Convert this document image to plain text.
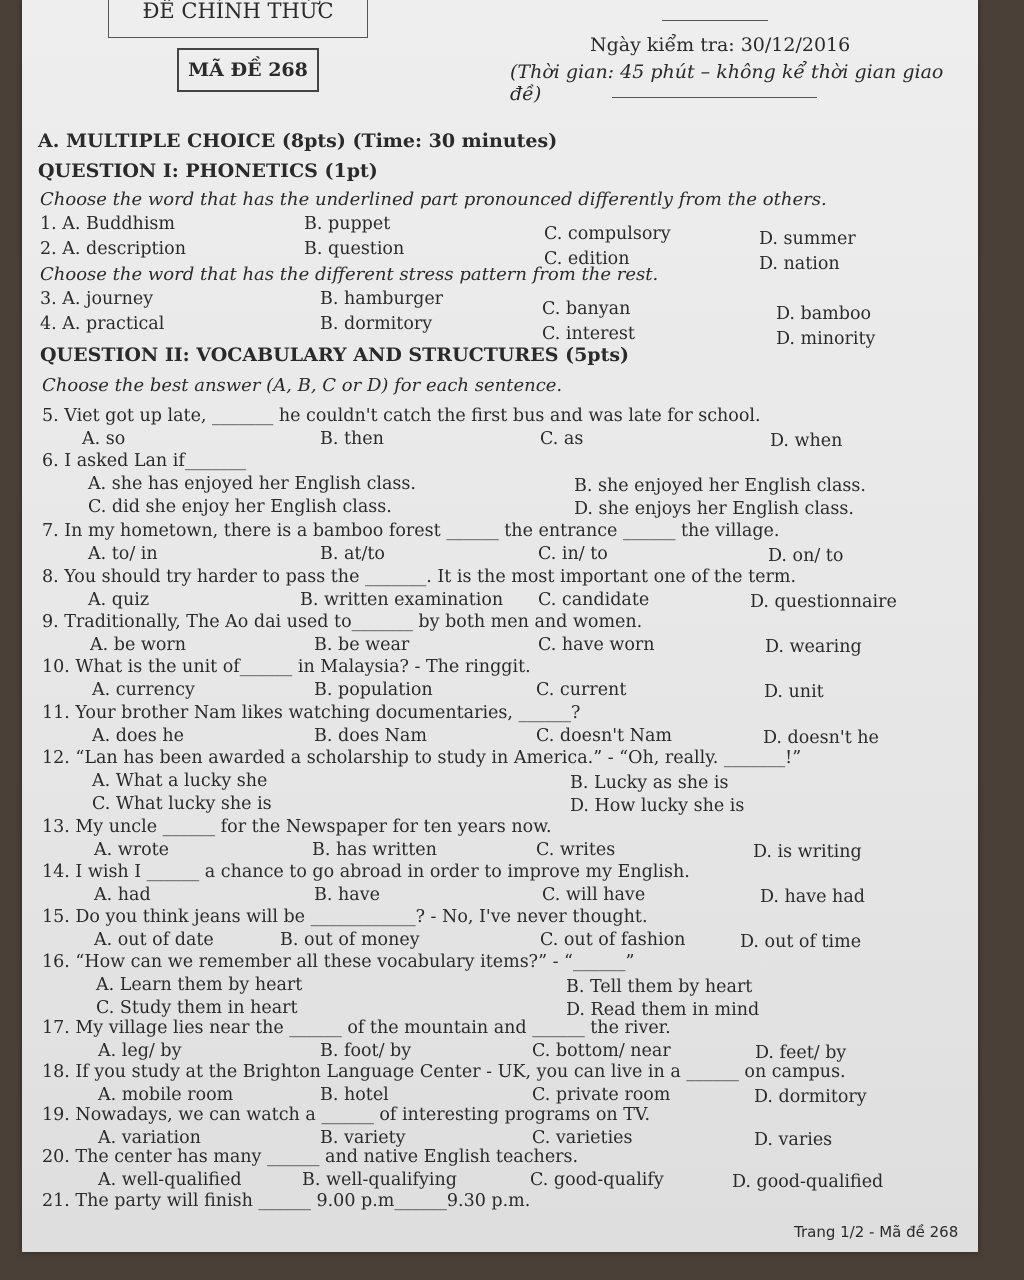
ĐỀ CHÍNH THỨC
MÃ ĐỀ 268
Ngày kiểm tra: 30/12/2016
(Thời gian: 45 phút – không kể thời gian giao đề)
A. MULTIPLE CHOICE (8pts) (Time: 30 minutes)
QUESTION I: PHONETICS (1pt)
Choose the word that has the underlined part pronounced differently from the others.
Choose the word that has the different stress pattern from the rest.
QUESTION II: VOCABULARY AND STRUCTURES (5pts)
Choose the best answer (A, B, C or D) for each sentence.
1. A. Buddhism	B. puppet	C. compulsory	D. summer
2. A. description	B. question	C. edition	D. nation
3. A. journey	B. hamburger	C. banyan	D. bamboo
4. A. practical	B. dormitory	C. interest	D. minority
5. Viet got up late, _______ he couldn't catch the first bus and was late for school.
A. so	B. then	C. as	D. when
6. I asked Lan if_______
A. she has enjoyed her English class.	B. she enjoyed her English class.
C. did she enjoy her English class.	D. she enjoys her English class.
7. In my hometown, there is a bamboo forest ______ the entrance ______ the village.
A. to/ in	B. at/to	C. in/ to	D. on/ to
8. You should try harder to pass the _______. It is the most important one of the term.
A. quiz	B. written examination C. candidate	D. questionnaire
9. Traditionally, The Ao dai used to_______ by both men and women.
A. be worn	B. be wear	C. have worn	D. wearing
10. What is the unit of______ in Malaysia? - The ringgit.
A. currency	B. population	C. current	D. unit
11. Your brother Nam likes watching documentaries, ______?
A. does he	B. does Nam	C. doesn't Nam	D. doesn't he
12. “Lan has been awarded a scholarship to study in America.” - “Oh, really. _______!”
A. What a lucky she	B. Lucky as she is
C. What lucky she is	D. How lucky she is
13. My uncle ______ for the Newspaper for ten years now.
A. wrote	B. has written	C. writes	D. is writing
14. I wish I ______ a chance to go abroad in order to improve my English.
A. had	B. have	C. will have	D. have had
15. Do you think jeans will be ____________? - No, I've never thought.
A. out of date	B. out of money	C. out of fashion	D. out of time
16. “How can we remember all these vocabulary items?” - “______”
A. Learn them by heart	B. Tell them by heart
C. Study them in heart	D. Read them in mind
17. My village lies near the ______ of the mountain and ______ the river.
A. leg/ by	B. foot/ by	C. bottom/ near	D. feet/ by
18. If you study at the Brighton Language Center - UK, you can live in a ______ on campus.
A. mobile room	B. hotel	C. private room	D. dormitory
19. Nowadays, we can watch a ______ of interesting programs on TV.
A. variation	B. variety	C. varieties	D. varies
20. The center has many ______ and native English teachers.
A. well-qualified	B. well-qualifying	C. good-qualify	D. good-qualified
21. The party will finish ______ 9.00 p.m______9.30 p.m.
Trang 1/2 - Mã đề 268
